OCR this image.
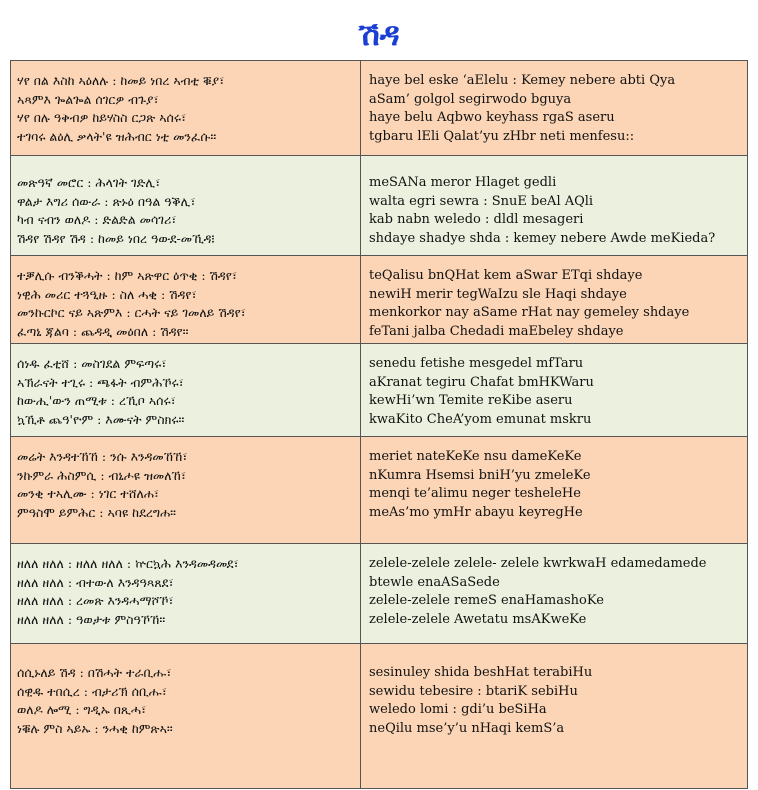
ሽዳ
ሃየ በል እስከ ኣዕለሉ : ከመይ ነበረ ኣብቲ ቑያ፣
ኣጻምእ ጐልጐል ሰገርዎ ብጉያ፣
ሃየ በሉ ዓቅብዎ ከይሃስስ ርጋጽ ኣሰሩ፣
ተገባሩ ልዕሊ ቃላት'ዩ ዝሕብር ነቲ መንፈሱ።	haye bel eske ‘aElelu : Kemey nebere abti Qya
aSam’ golgol segirwodo bguya
haye belu Aqbwo keyhass rgaS aseru
tgbaru lEli Qalat’yu zHbr neti menfesu::

መጽዓኛ መሮር : ሕላገት ገድሊ፣
ዋልታ እግሪ ሰውራ : ጽኑዕ በዓል ዓቕሊ፣
ካብ ናብን ወለዶ : ድልድል መሳገሪ፣
ሽዳየ ሽዳየ ሽዳ : ከመይ ነበረ ዓውደ-መኺዳ፧	meSANa meror Hlaget gedli
walta egri sewra : SnuE beAl AQli
kab nabn weledo : dldl mesageri
shdaye shadye shda : kemey nebere Awde meKieda?

ተቓሊሱ ብንቕሓት : ከም ኣጽዋር ዕጥቂ : ሽዳየ፣
ነዊሕ መሪር ተጓዒዙ : ስለ ሓቂ : ሽዳየ፣
መንኩርኮር ናይ ኣጽምእ : ርሓት ናይ ገመለይ ሽዳየ፣
ፈጣኒ ጃልባ : ጨዳዲ መዕበለ : ሽዳየ።	teQalisu bnQHat kem aSwar ETqi shdaye
newiH merir tegWaIzu sle Haqi shdaye
menkorkor nay aSame rHat nay gemeley shdaye
feTani jalba Chedadi maEbeley shdaye

ሰነዱ ፈቲሸ : መስገደል ምፍጣሩ፣
ኣኽራናት ተጊሩ : ጫፋት ብምሕኾሩ፣
ከውሒ'ውን ጠሚቱ : ረኺቦ ኣሰሩ፣
ኳኺቶ ጨዓ'ዮም : እሙናት ምስክሩ።	senedu fetishe mesgedel mfTaru
aKranat tegiru Chafat bmHKWaru
kewHi’wn Temite reKibe aseru
kwaKito CheA’yom emunat mskru

መሬት እንዳተኸኸ : ንሱ እንዳመኸኸ፣
ንኩምራ ሕስምሲ : ብኒሖዩ ዝመለኸ፣
መንቂ ተኣሊሙ : ነገር ተሸለሐ፣
ምዓስሞ ይምሕር : ኣባዩ ከደረግሐ።	meriet nateKeKe nsu dameKeKe
nKumra Hsemsi bniH’yu zmeleKe
menqi te’alimu neger tesheleHe
meAs’mo ymHr abayu keyregHe

ዘለለ ዘለለ : ዘለለ ዘለለ : ኵርኳሕ እንዳመዳመደ፣
ዘለለ ዘለለ : ብተውለ እንዳዓጻጸደ፣
ዘለለ ዘለለ : ረመጽ እንዳሓማሾኾ፣
ዘለለ ዘለለ : ዓወታቱ ምስዓኾኸ።	zelele-zelele zelele- zelele kwrkwaH edamedamede
btewle enaASaSede
zelele-zelele remeS enaHamashoKe
zelele-zelele Awetatu msAKweKe

ሰሲኑለይ ሽዳ : በሽሓት ተራቢሑ፣
ሰዊዱ ተበሲረ : ብታሪኽ ሰቢሑ፣
ወለዶ ሎሚ : ግዲኡ በጺሓ፣
ነቑሉ ምስ ኣይኡ : ንሓቂ ከምጽኣ።	sesinuley shida beshHat terabiHu
sewidu tebesire : btariK sebiHu
weledo lomi : gdi’u beSiHa
neQilu mse’y’u nHaqi kemS’a
